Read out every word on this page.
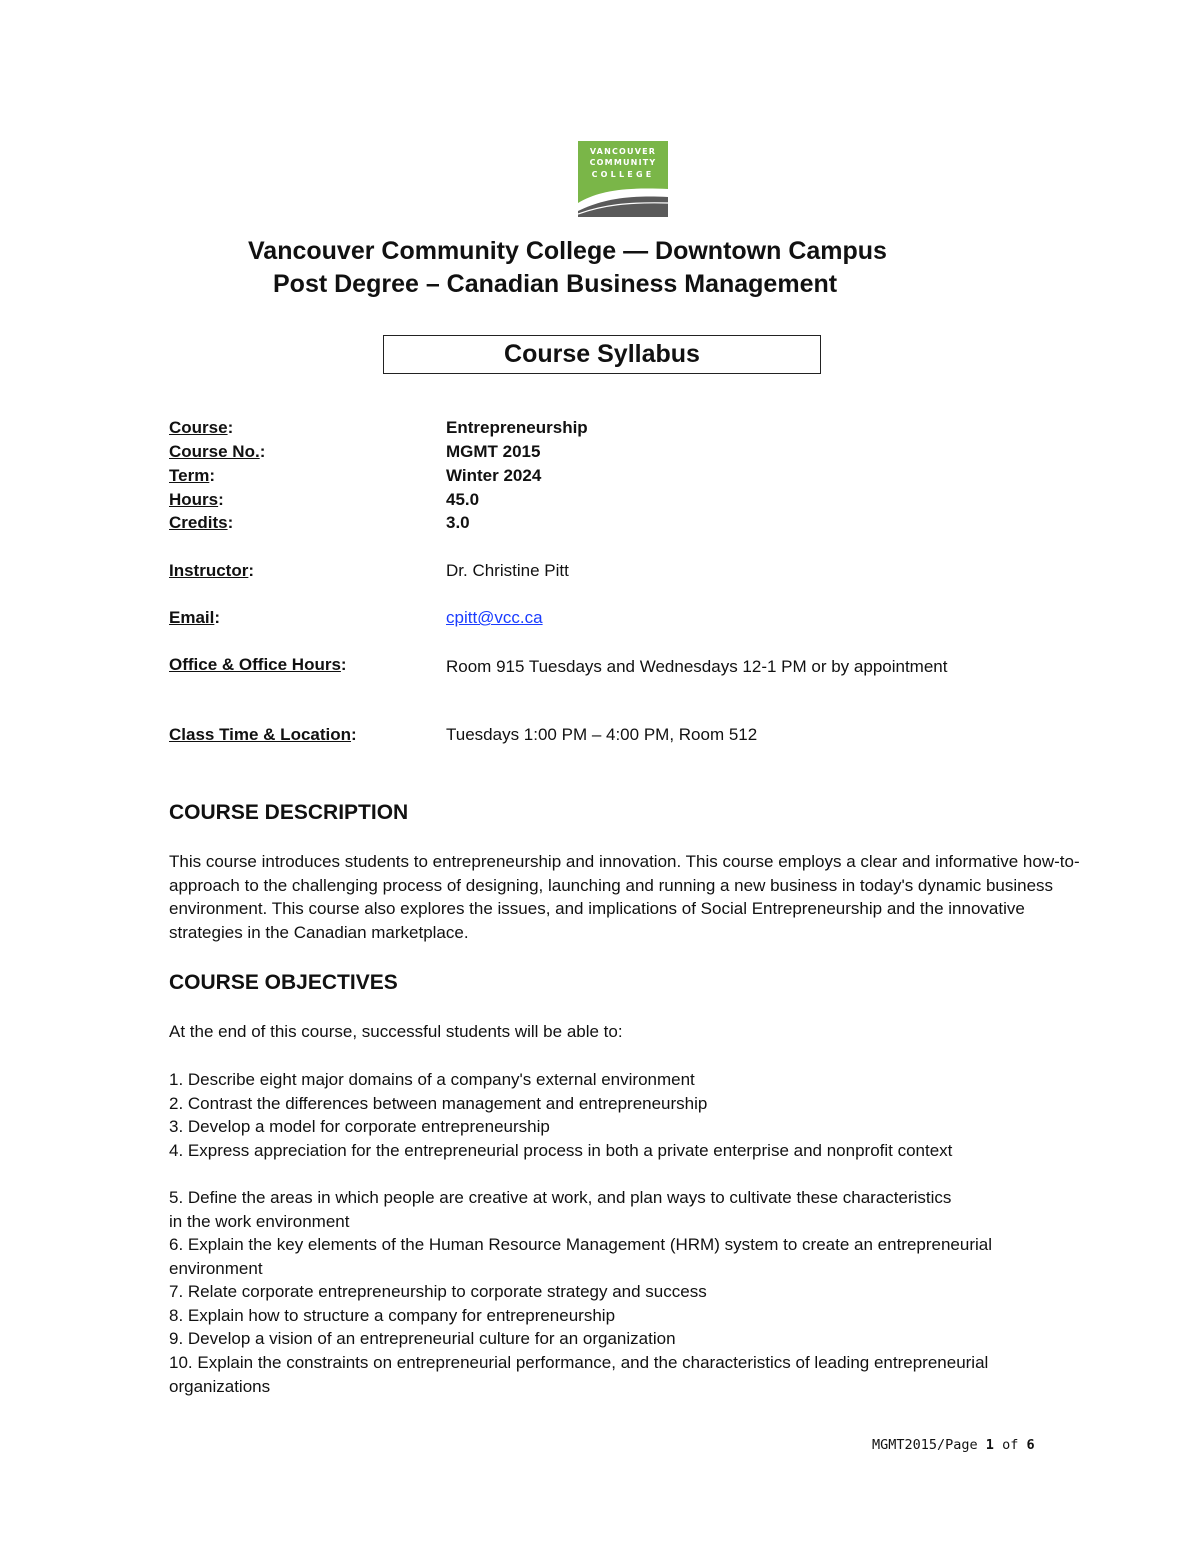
VANCOUVER
COMMUNITY
COLLEGE
Vancouver Community College — Downtown Campus
Post Degree – Canadian Business Management
Course Syllabus
Course:	Entrepreneurship
Course No.:	MGMT 2015
Term:	Winter 2024
Hours:	45.0
Credits:	3.0
Instructor:	Dr. Christine Pitt
Email:	cpitt@vcc.ca
Office & Office Hours:	Room 915 Tuesdays and Wednesdays 12-1 PM or by appointment
Class Time & Location:	Tuesdays 1:00 PM – 4:00 PM, Room 512
COURSE DESCRIPTION
This course introduces students to entrepreneurship and innovation. This course employs a clear and informative how-to-approach to the challenging process of designing, launching and running a new business in today's dynamic business environment. This course also explores the issues, and implications of Social Entrepreneurship and the innovative strategies in the Canadian marketplace.
COURSE OBJECTIVES
At the end of this course, successful students will be able to:
1. Describe eight major domains of a company's external environment
2. Contrast the differences between management and entrepreneurship
3. Develop a model for corporate entrepreneurship
4. Express appreciation for the entrepreneurial process in both a private enterprise and nonprofit context
5. Define the areas in which people are creative at work, and plan ways to cultivate these characteristics in the work environment
6. Explain the key elements of the Human Resource Management (HRM) system to create an entrepreneurial environment
7. Relate corporate entrepreneurship to corporate strategy and success
8. Explain how to structure a company for entrepreneurship
9. Develop a vision of an entrepreneurial culture for an organization
10. Explain the constraints on entrepreneurial performance, and the characteristics of leading entrepreneurial organizations
MGMT2015/Page 1 of 6
